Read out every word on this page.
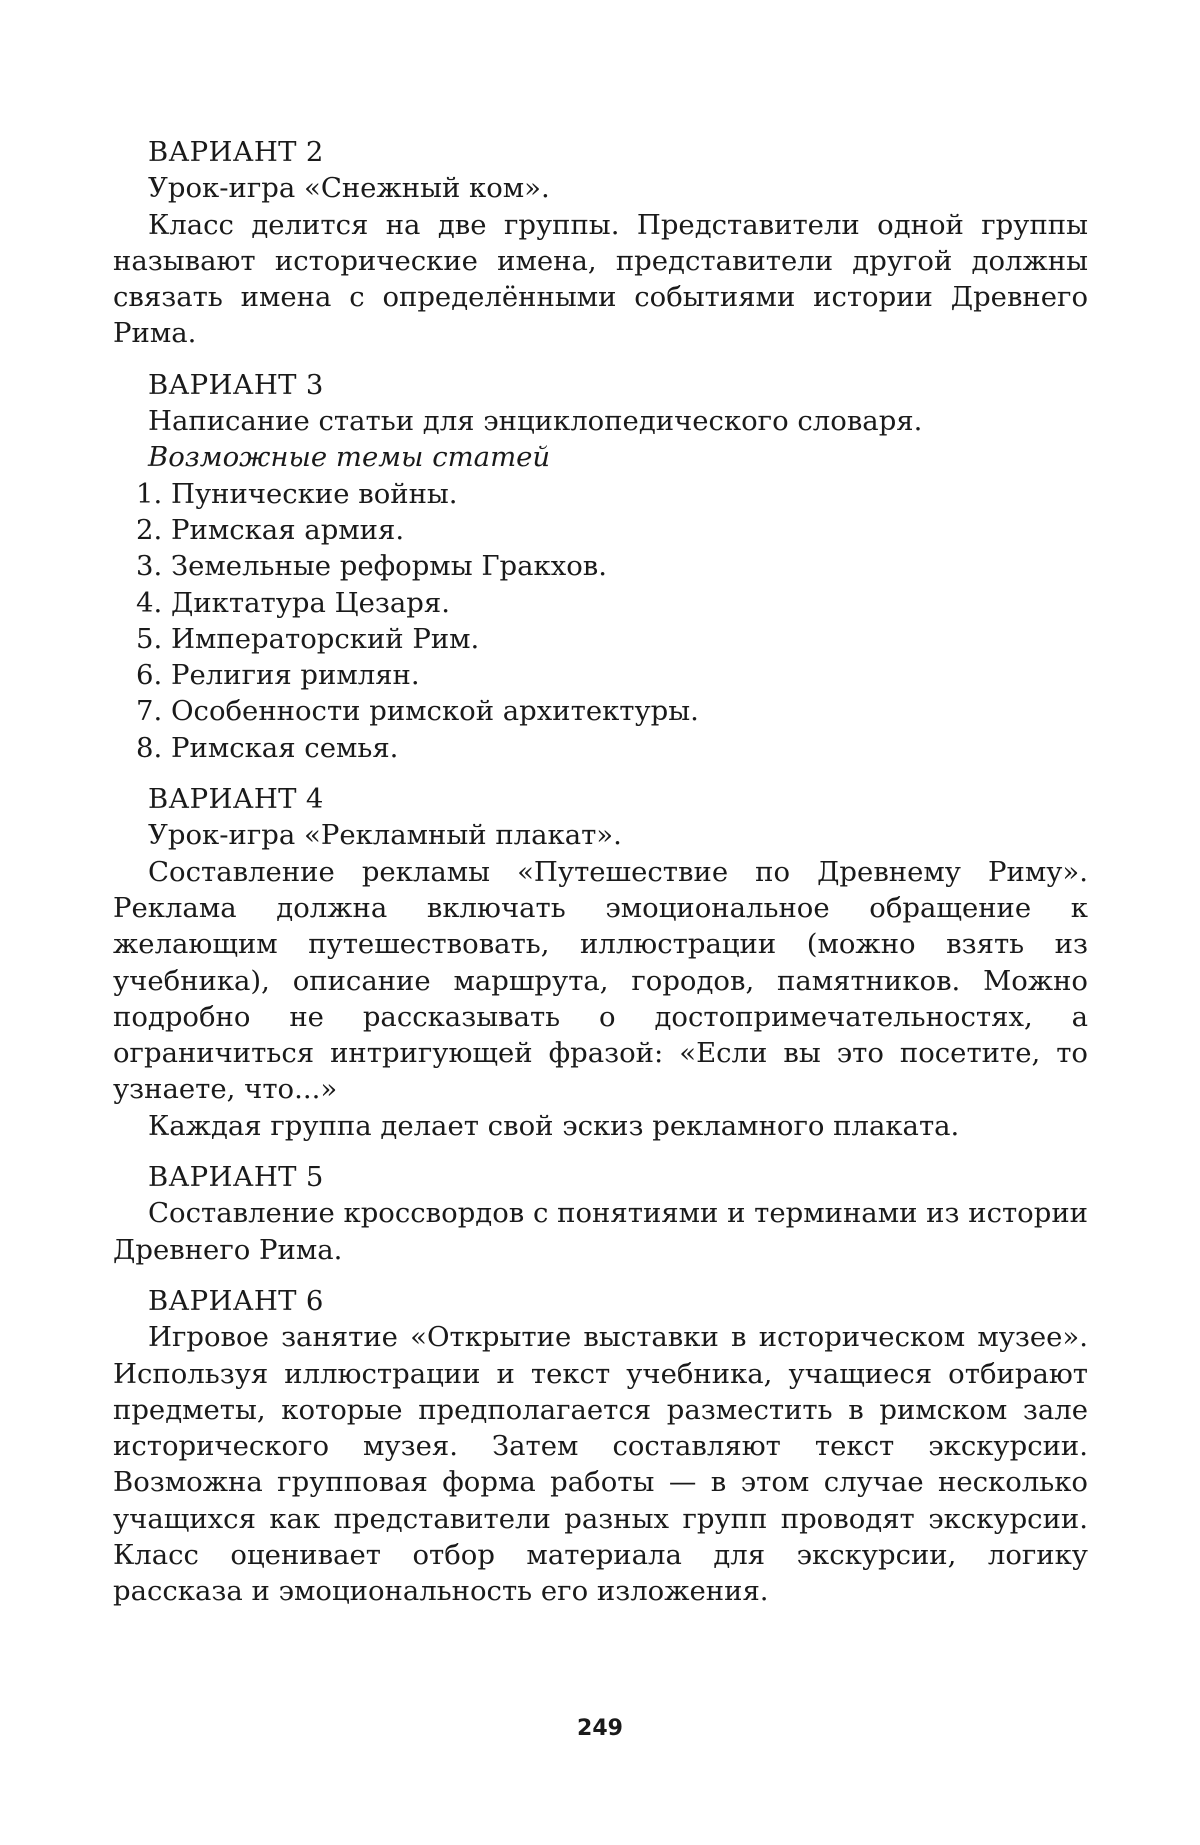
ВАРИАНТ 2

Урок-игра «Снежный ком».

Класс делится на две группы. Представители одной группы называют исторические имена, представители другой должны связать имена с определёнными событиями истории Древнего Рима.

ВАРИАНТ 3

Написание статьи для энциклопедического словаря.

Возможные темы статей

1. Пунические войны.
2. Римская армия.
3. Земельные реформы Гракхов.
4. Диктатура Цезаря.
5. Императорский Рим.
6. Религия римлян.
7. Особенности римской архитектуры.
8. Римская семья.

ВАРИАНТ 4

Урок-игра «Рекламный плакат».

Составление рекламы «Путешествие по Древнему Риму». Реклама должна включать эмоциональное обращение к желающим путешествовать, иллюстрации (можно взять из учебника), описание маршрута, городов, памятников. Можно подробно не рассказывать о достопримечательностях, а ограничиться интригующей фразой: «Если вы это посетите, то узнаете, что...»

Каждая группа делает свой эскиз рекламного плаката.

ВАРИАНТ 5

Составление кроссвордов с понятиями и терминами из истории Древнего Рима.

ВАРИАНТ 6

Игровое занятие «Открытие выставки в историческом музее». Используя иллюстрации и текст учебника, учащиеся отбирают предметы, которые предполагается разместить в римском зале исторического музея. Затем составляют текст экскурсии. Возможна групповая форма работы — в этом случае несколько учащихся как представители разных групп проводят экскурсии. Класс оценивает отбор материала для экскурсии, логику рассказа и эмоциональность его изложения.

249
